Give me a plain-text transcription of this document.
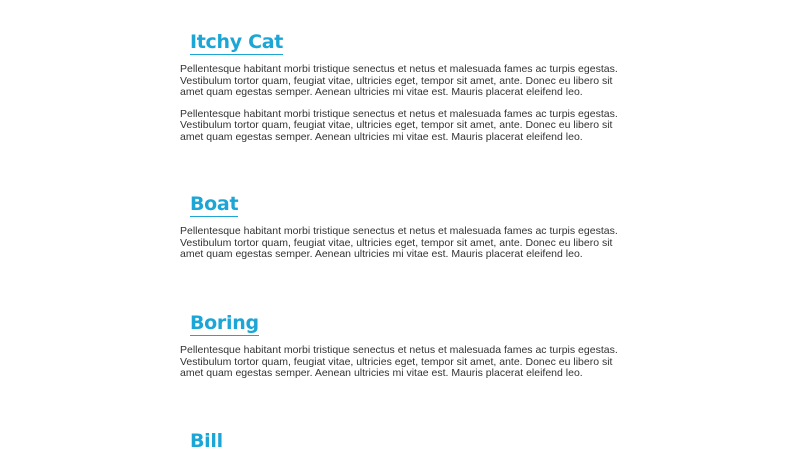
Itchy Cat

Pellentesque habitant morbi tristique senectus et netus et malesuada fames ac turpis egestas. Vestibulum tortor quam, feugiat vitae, ultricies eget, tempor sit amet, ante. Donec eu libero sit amet quam egestas semper. Aenean ultricies mi vitae est. Mauris placerat eleifend leo.

Pellentesque habitant morbi tristique senectus et netus et malesuada fames ac turpis egestas. Vestibulum tortor quam, feugiat vitae, ultricies eget, tempor sit amet, ante. Donec eu libero sit amet quam egestas semper. Aenean ultricies mi vitae est. Mauris placerat eleifend leo.

Boat

Pellentesque habitant morbi tristique senectus et netus et malesuada fames ac turpis egestas. Vestibulum tortor quam, feugiat vitae, ultricies eget, tempor sit amet, ante. Donec eu libero sit amet quam egestas semper. Aenean ultricies mi vitae est. Mauris placerat eleifend leo.

Boring

Pellentesque habitant morbi tristique senectus et netus et malesuada fames ac turpis egestas. Vestibulum tortor quam, feugiat vitae, ultricies eget, tempor sit amet, ante. Donec eu libero sit amet quam egestas semper. Aenean ultricies mi vitae est. Mauris placerat eleifend leo.

Bill
